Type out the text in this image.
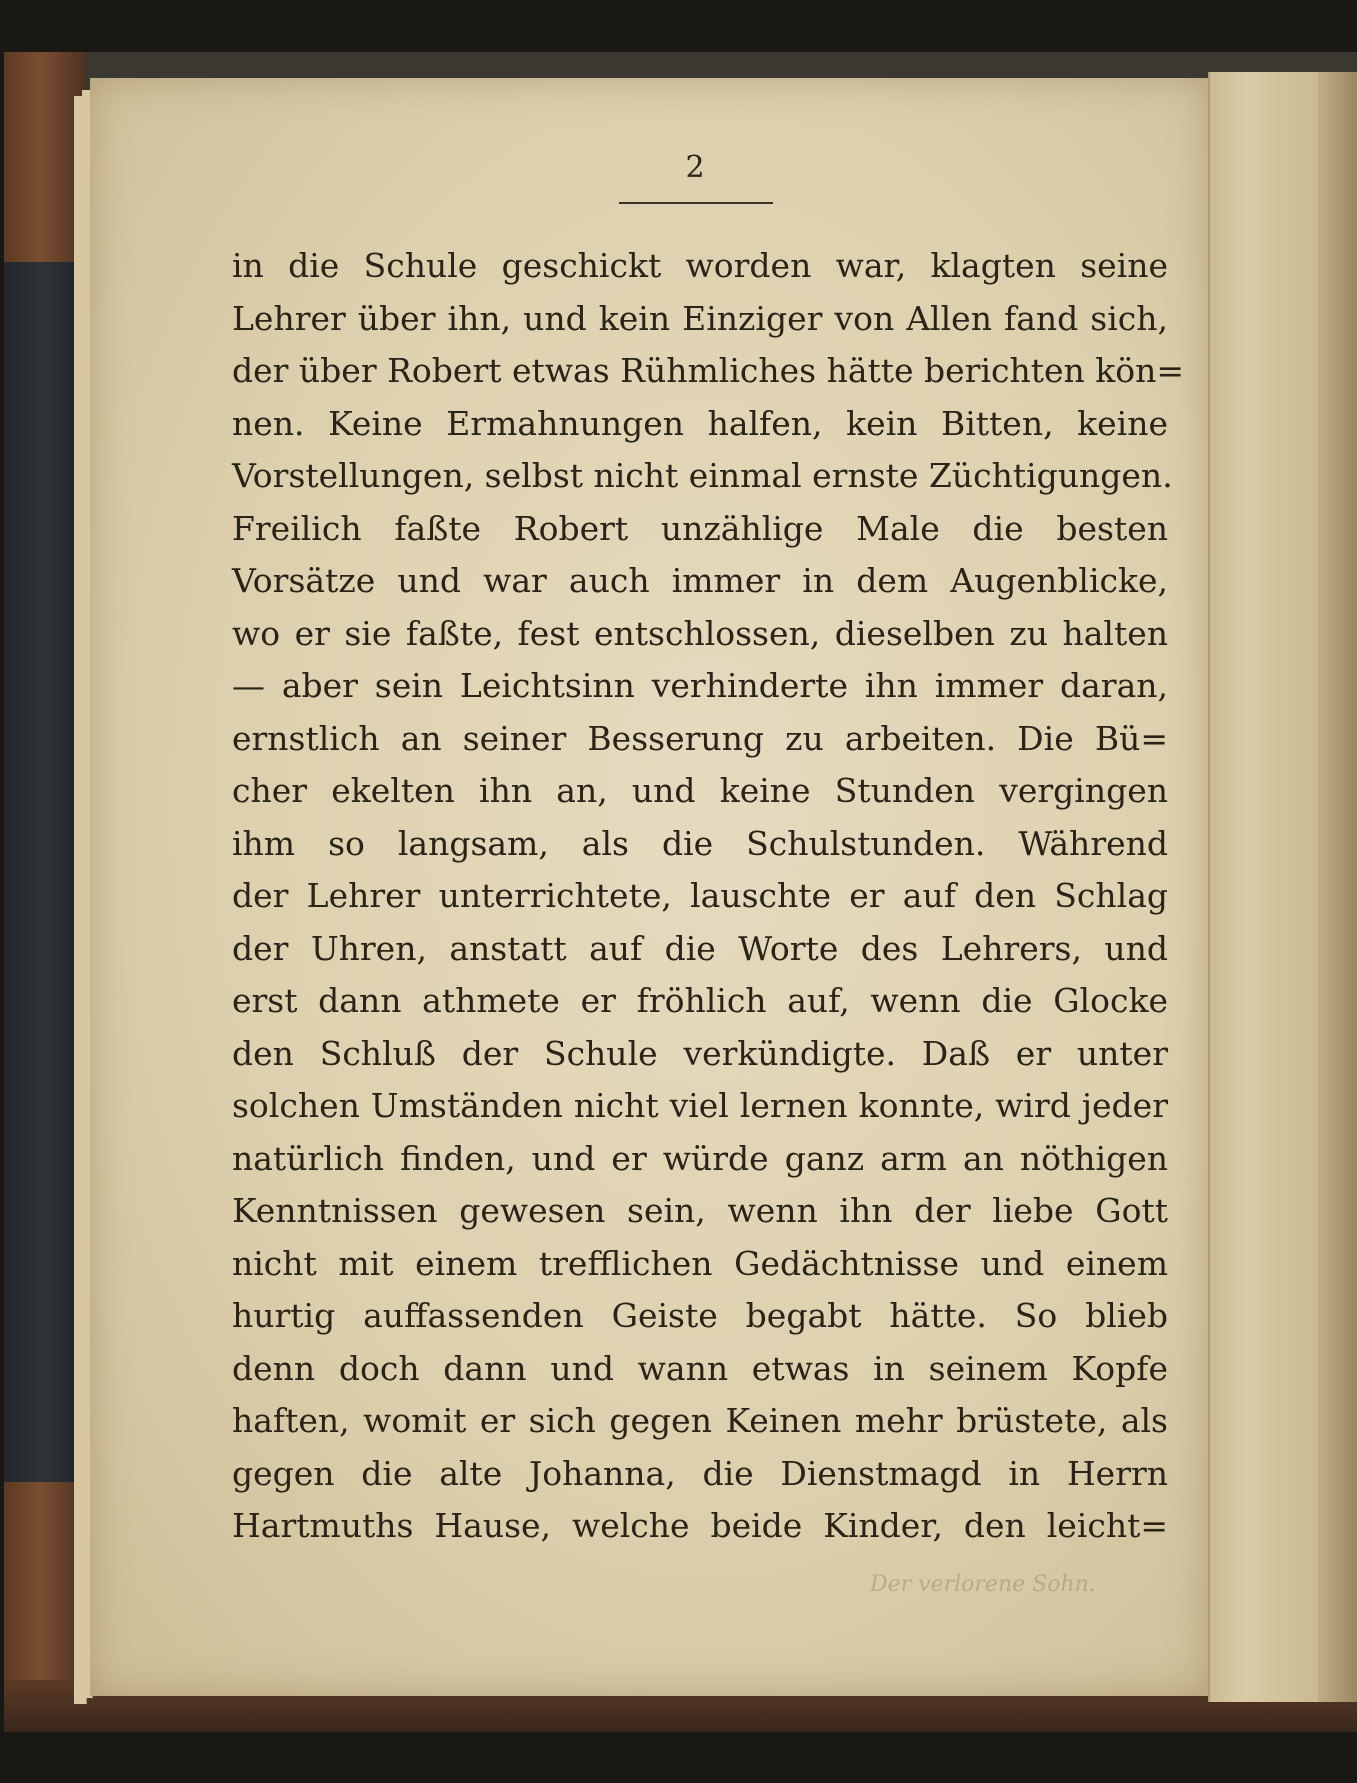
2

in die Schule geschickt worden war, klagten seine
Lehrer über ihn, und kein Einziger von Allen fand sich,
der über Robert etwas Rühmliches hätte berichten kön=
nen. Keine Ermahnungen halfen, kein Bitten, keine
Vorstellungen, selbst nicht einmal ernste Züchtigungen.
Freilich faßte Robert unzählige Male die besten
Vorsätze und war auch immer in dem Augenblicke,
wo er sie faßte, fest entschlossen, dieselben zu halten
— aber sein Leichtsinn verhinderte ihn immer daran,
ernstlich an seiner Besserung zu arbeiten. Die Bü=
cher ekelten ihn an, und keine Stunden vergingen
ihm so langsam, als die Schulstunden. Während
der Lehrer unterrichtete, lauschte er auf den Schlag
der Uhren, anstatt auf die Worte des Lehrers, und
erst dann athmete er fröhlich auf, wenn die Glocke
den Schluß der Schule verkündigte. Daß er unter
solchen Umständen nicht viel lernen konnte, wird jeder
natürlich finden, und er würde ganz arm an nöthigen
Kenntnissen gewesen sein, wenn ihn der liebe Gott
nicht mit einem trefflichen Gedächtnisse und einem
hurtig auffassenden Geiste begabt hätte. So blieb
denn doch dann und wann etwas in seinem Kopfe
haften, womit er sich gegen Keinen mehr brüstete, als
gegen die alte Johanna, die Dienstmagd in Herrn
Hartmuths Hause, welche beide Kinder, den leicht=

Der verlorene Sohn.
